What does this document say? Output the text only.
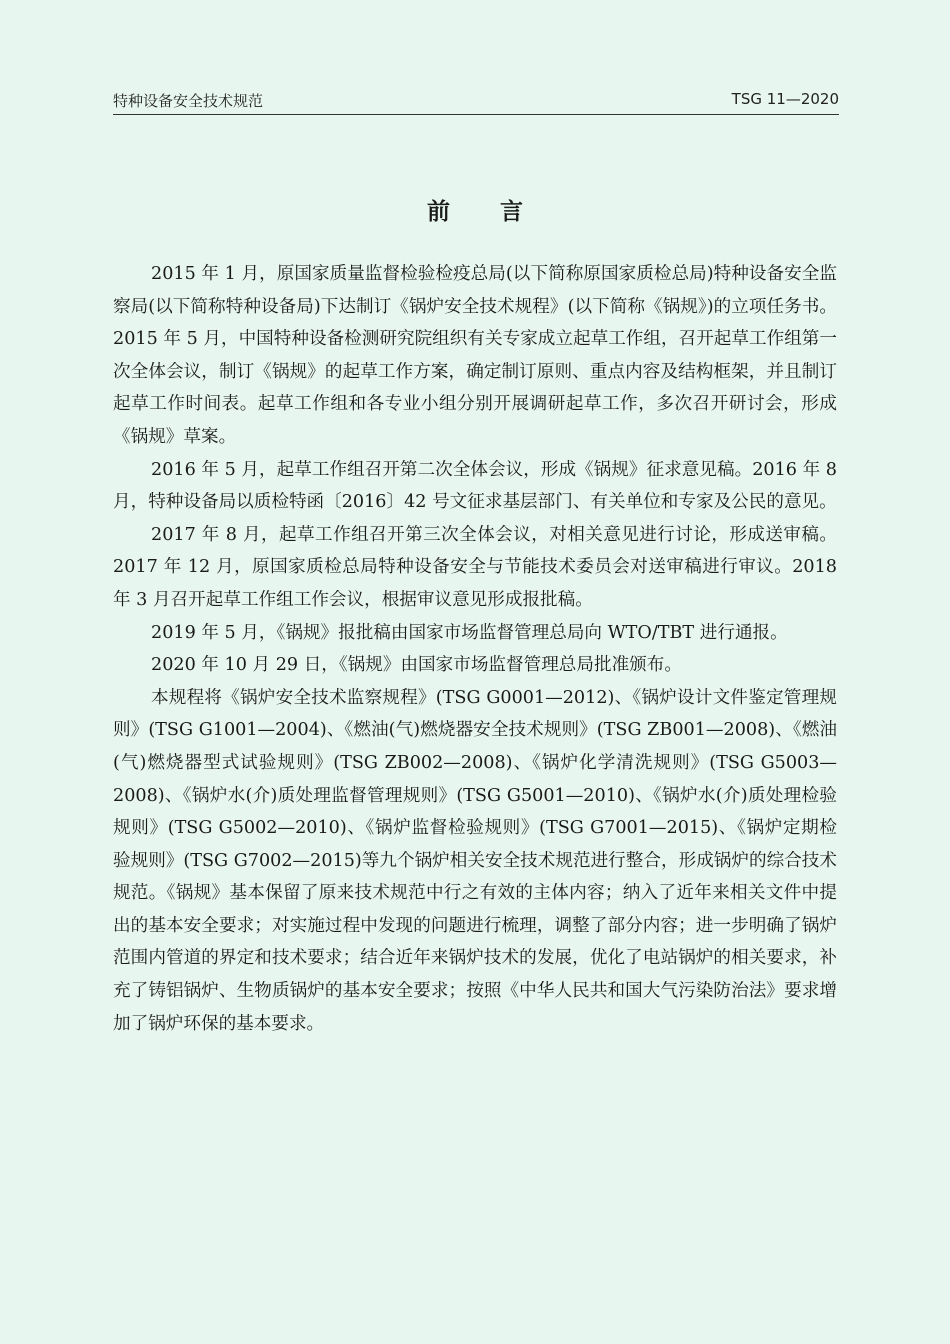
特种设备安全技术规范	TSG 11—2020
前言

2015 年 1 月，原国家质量监督检验检疫总局(以下简称原国家质检总局)特种设备安全监察局(以下简称特种设备局)下达制订《锅炉安全技术规程》(以下简称《锅规》)的立项任务书。2015 年 5 月，中国特种设备检测研究院组织有关专家成立起草工作组，召开起草工作组第一次全体会议，制订《锅规》的起草工作方案，确定制订原则、重点内容及结构框架，并且制订起草工作时间表。起草工作组和各专业小组分别开展调研起草工作，多次召开研讨会，形成《锅规》草案。

2016 年 5 月，起草工作组召开第二次全体会议，形成《锅规》征求意见稿。2016 年 8 月，特种设备局以质检特函〔2016〕42 号文征求基层部门、有关单位和专家及公民的意见。

2017 年 8 月，起草工作组召开第三次全体会议，对相关意见进行讨论，形成送审稿。2017 年 12 月，原国家质检总局特种设备安全与节能技术委员会对送审稿进行审议。2018 年 3 月召开起草工作组工作会议，根据审议意见形成报批稿。

2019 年 5 月，《锅规》报批稿由国家市场监督管理总局向 WTO/TBT 进行通报。

2020 年 10 月 29 日，《锅规》由国家市场监督管理总局批准颁布。

本规程将《锅炉安全技术监察规程》(TSG G0001—2012)、《锅炉设计文件鉴定管理规则》(TSG G1001—2004)、《燃油(气)燃烧器安全技术规则》(TSG ZB001—2008)、《燃油(气)燃烧器型式试验规则》(TSG ZB002—2008)、《锅炉化学清洗规则》(TSG G5003—2008)、《锅炉水(介)质处理监督管理规则》(TSG G5001—2010)、《锅炉水(介)质处理检验规则》(TSG G5002—2010)、《锅炉监督检验规则》(TSG G7001—2015)、《锅炉定期检验规则》(TSG G7002—2015)等九个锅炉相关安全技术规范进行整合，形成锅炉的综合技术规范。《锅规》基本保留了原来技术规范中行之有效的主体内容；纳入了近年来相关文件中提出的基本安全要求；对实施过程中发现的问题进行梳理，调整了部分内容；进一步明确了锅炉范围内管道的界定和技术要求；结合近年来锅炉技术的发展，优化了电站锅炉的相关要求，补充了铸铝锅炉、生物质锅炉的基本安全要求；按照《中华人民共和国大气污染防治法》要求增加了锅炉环保的基本要求。
